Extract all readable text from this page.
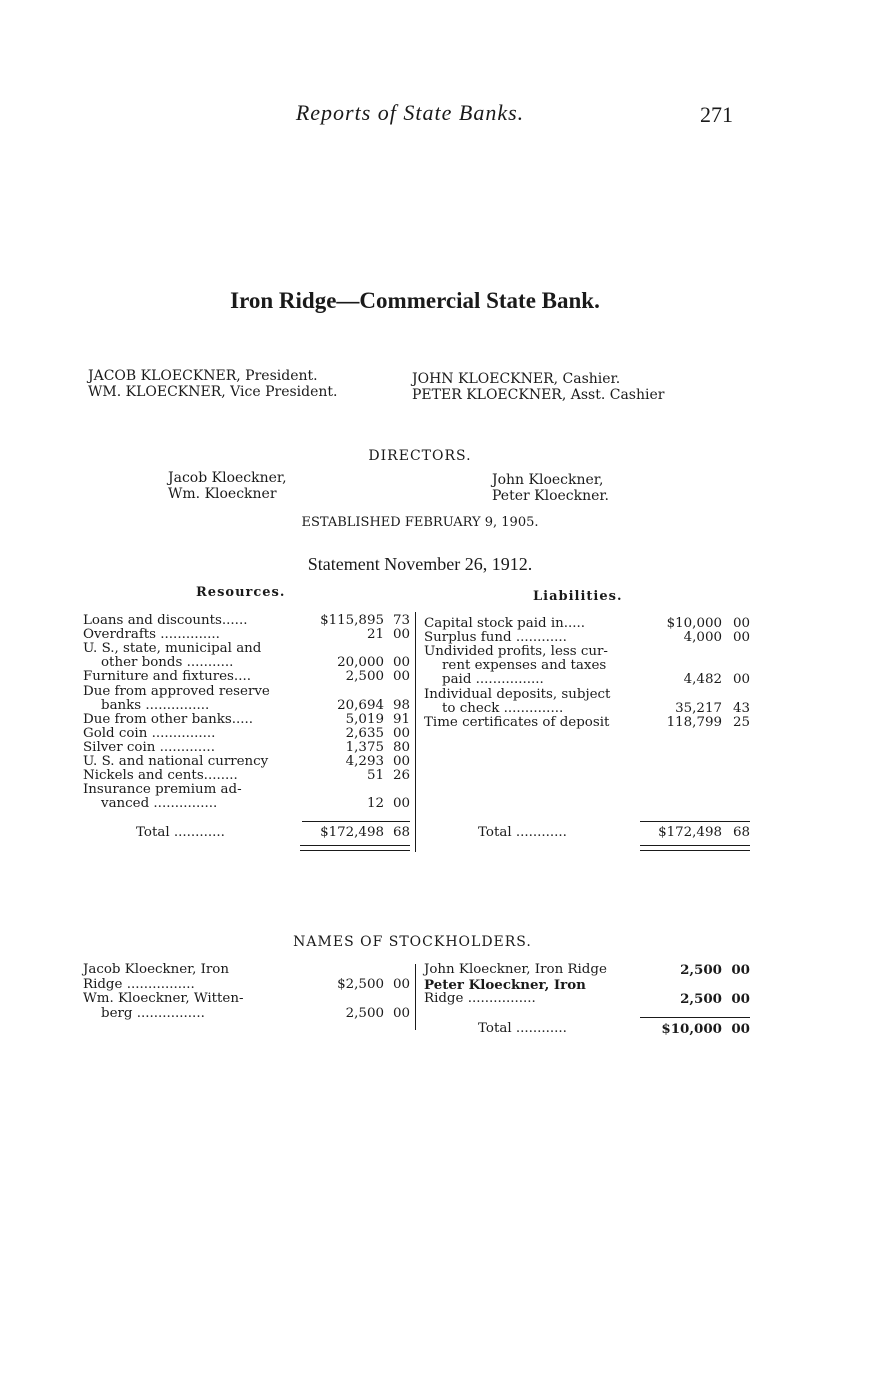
Reports of State Banks.	271
Iron Ridge—Commercial State Bank.
JACOB KLOECKNER, President.
WM. KLOECKNER, Vice President.
JOHN KLOECKNER, Cashier.
PETER KLOECKNER, Asst. Cashier
DIRECTORS.
Jacob Kloeckner,
Wm. Kloeckner
John Kloeckner,
Peter Kloeckner.
ESTABLISHED FEBRUARY 9, 1905.
Statement November 26, 1912.
Resources.	Liabilities.
Loans and discounts......	$115,895 73
Overdrafts ..............	21 00
U. S., state, municipal and
other bonds ...........	20,000 00
Furniture and fixtures....	2,500 00
Due from approved reserve
banks ...............	20,694 98
Due from other banks.....	5,019 91
Gold coin ...............	2,635 00
Silver coin .............	1,375 80
U. S. and national currency	4,293 00
Nickels and cents........	51 26
Insurance premium ad-
vanced ...............	12 00
Capital stock paid in.....	$10,000 00
Surplus fund ............	4,000 00
Undivided profits, less cur-
rent expenses and taxes
paid ................	4,482 00
Individual deposits, subject
to check ..............	35,217 43
Time certificates of deposit	118,799 25
Total ............	$172,498 68	Total ............	$172,498 68
NAMES OF STOCKHOLDERS.
Jacob Kloeckner, Iron
Ridge ................	$2,500 00
Wm. Kloeckner, Witten-
berg ................	2,500 00
John Kloeckner, Iron Ridge	2,500 00
Peter Kloeckner, Iron
Ridge ................	2,500 00
Total ............	$10,000 00
